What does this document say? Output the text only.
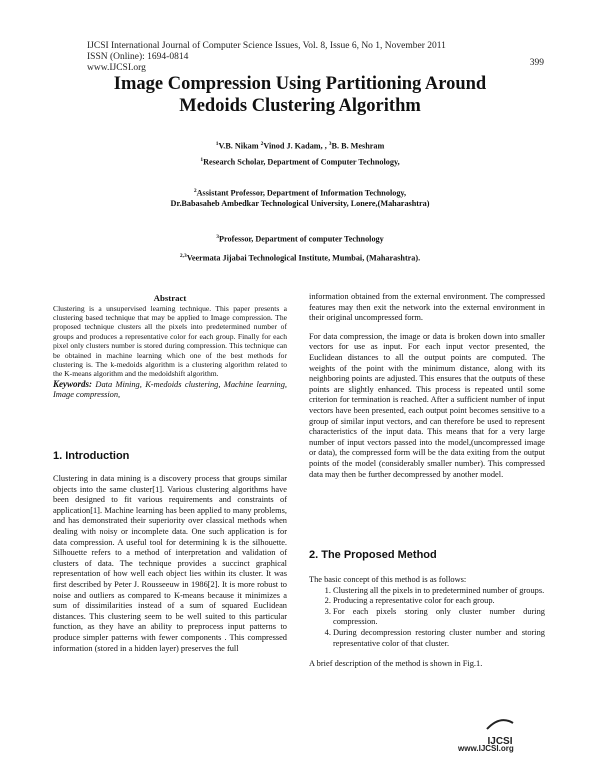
IJCSI International Journal of Computer Science Issues, Vol. 8, Issue 6, No 1, November 2011
ISSN (Online): 1694-0814
www.IJCSI.org	399
Image Compression Using Partitioning Around
Medoids Clustering Algorithm
$^1$V.B. Nikam $^2$Vinod J. Kadam, , $^3$B. B. Meshram
$^1$Research Scholar, Department of Computer Technology,
$^2$Assistant Professor, Department of Information Technology,
Dr.Babasaheb Ambedkar Technological University, Lonere,(Maharashtra)
$^3$Professor, Department of computer Technology
$^{2,3}$Veermata Jijabai Technological Institute, Mumbai, (Maharashtra).
Abstract

Clustering is a unsupervised learning technique. This paper presents a clustering based technique that may be applied to Image compression. The proposed technique clusters all the pixels into predetermined number of groups and produces a representative color for each group. Finally for each pixel only clusters number is stored during compression. This technique can be obtained in machine learning which one of the best methods for clustering is. The k-medoids algorithm is a clustering algorithm related to the K-means algorithm and the medoidshift algorithm.

Keywords: Data Mining, K-medoids clustering, Machine learning, Image compression,

1. Introduction

Clustering in data mining is a discovery process that groups similar objects into the same cluster[1]. Various clustering algorithms have been designed to fit various requirements and constraints of application[1]. Machine learning has been applied to many problems, and has demonstrated their superiority over classical methods when dealing with noisy or incomplete data. One such application is for data compression. A useful tool for determining k is the silhouette. Silhouette refers to a method of interpretation and validation of clusters of data. The technique provides a succinct graphical representation of how well each object lies within its cluster. It was first described by Peter J. Rousseeuw in 1986[2]. It is more robust to noise and outliers as compared to K-means because it minimizes a sum of dissimilarities instead of a sum of squared Euclidean distances. This clustering seem to be well suited to this particular function, as they have an ability to preprocess input patterns to produce simpler patterns with fewer components . This compressed information (stored in a hidden layer) preserves the full

information obtained from the external environment. The compressed features may then exit the network into the external environment in their original uncompressed form.

For data compression, the image or data is broken down into smaller vectors for use as input. For each input vector presented, the Euclidean distances to all the output points are computed. The weights of the point with the minimum distance, along with its neighboring points are adjusted. This ensures that the outputs of these points are slightly enhanced. This process is repeated until some criterion for termination is reached. After a sufficient number of input vectors have been presented, each output point becomes sensitive to a group of similar input vectors, and can therefore be used to represent characteristics of the input data. This means that for a very large number of input vectors passed into the model,(uncompressed image or data), the compressed form will be the data exiting from the output points of the model (considerably smaller number). This compressed data may then be further decompressed by another model.

2. The Proposed Method

The basic concept of this method is as follows:

1. Clustering all the pixels in to predetermined number of groups.
2. Producing a representative color for each group.
3. For each pixels storing only cluster number during compression.
4. During decompression restoring cluster number and storing representative color of that cluster.

A brief description of the method is shown in Fig.1.

IJCSI
www.IJCSI.org
